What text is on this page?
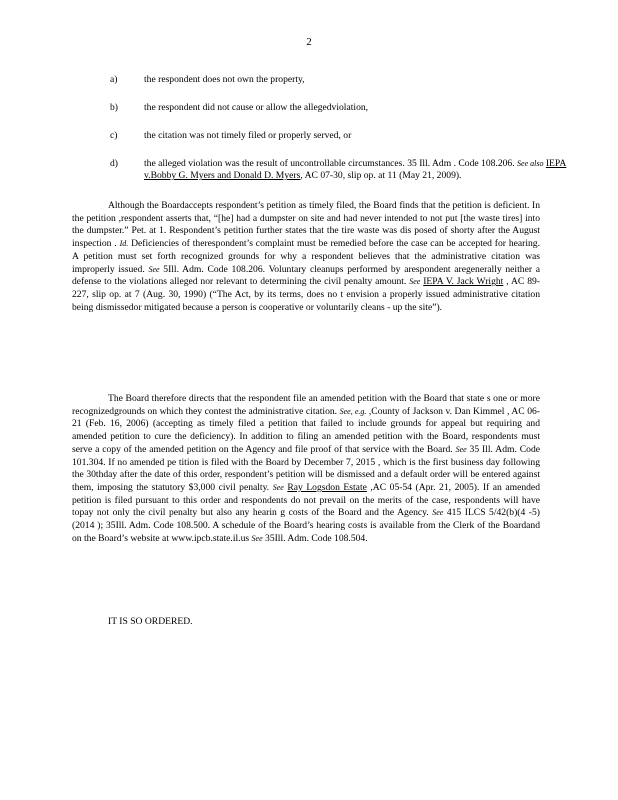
2
a)	the respondent does not own the property,
b)	the respondent did not cause or allow the allegedviolation,
c)	the citation was not timely filed or properly served, or
d)	the alleged violation was the result of uncontrollable circumstances. 35 Ill. Adm . Code 108.206. See also IEPA v.Bobby G. Myers and Donald D. Myers, AC 07-30, slip op. at 11 (May 21, 2009).

Although the Boardaccepts respondent’s petition as timely filed, the Board finds that the petition is deficient. In the petition ,respondent asserts that, “[he] had a dumpster on site and had never intended to not put [the waste tires] into the dumpster.” Pet. at 1. Respondent’s petition further states that the tire waste was dis posed of shorty after the August inspection . Id. Deficiencies of therespondent’s complaint must be remedied before the case can be accepted for hearing. A petition must set forth recognized grounds for why a respondent believes that the administrative citation was improperly issued. See 5Ill. Adm. Code 108.206. Voluntary cleanups performed by arespondent aregenerally neither a defense to the violations alleged nor relevant to determining the civil penalty amount. See IEPA V. Jack Wright , AC 89-227, slip op. at 7 (Aug. 30, 1990) (“The Act, by its terms, does no t envision a properly issued administrative citation being dismissedor mitigated because a person is cooperative or voluntarily cleans - up the site”).

The Board therefore directs that the respondent file an amended petition with the Board that state s one or more recognizedgrounds on which they contest the administrative citation. See, e.g. ,County of Jackson v. Dan Kimmel , AC 06-21 (Feb. 16, 2006) (accepting as timely filed a petition that failed to include grounds for appeal but requiring and amended petition to cure the deficiency). In addition to filing an amended petition with the Board, respondents must serve a copy of the amended petition on the Agency and file proof of that service with the Board. See 35 Ill. Adm. Code 101.304. If no amended pe tition is filed with the Board by December 7, 2015 , which is the first business day following the 30thday after the date of this order, respondent’s petition will be dismissed and a default order will be entered against them, imposing the statutory $3,000 civil penalty. See Ray Logsdon Estate ,AC 05-54 (Apr. 21, 2005). If an amended petition is filed pursuant to this order and respondents do not prevail on the merits of the case, respondents will have topay not only the civil penalty but also any hearin g costs of the Board and the Agency. See 415 ILCS 5/42(b)(4 -5) (2014 ); 35Ill. Adm. Code 108.500. A schedule of the Board’s hearing costs is available from the Clerk of the Boardand on the Board’s website at www.ipcb.state.il.us See 35Ill. Adm. Code 108.504.

IT IS SO ORDERED.
